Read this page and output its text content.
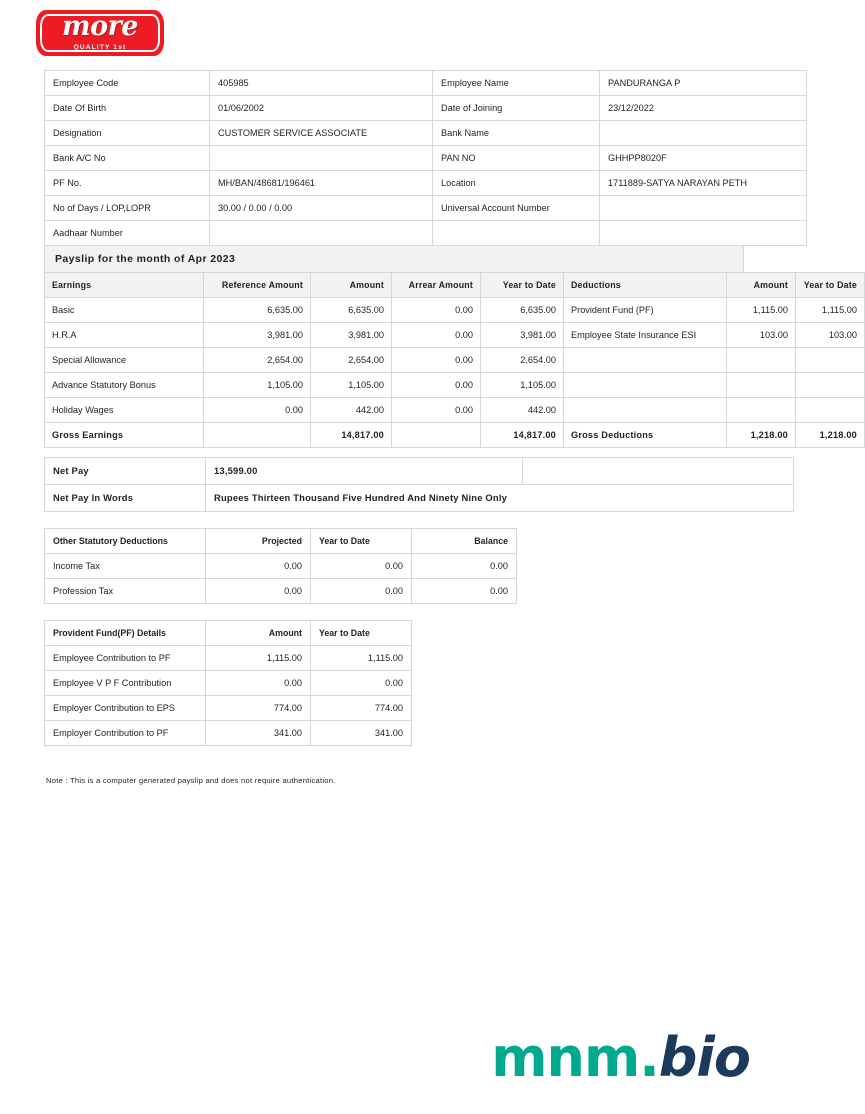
more
QUALITY 1st
Employee Code	405985	Employee Name	PANDURANGA P
Date Of Birth	01/06/2002	Date of Joining	23/12/2022
Designation	CUSTOMER SERVICE ASSOCIATE	Bank Name	
Bank A/C No		PAN NO	GHHPP8020F
PF No.	MH/BAN/48681/196461	Location	1711889-SATYA NARAYAN PETH
No of Days / LOP,LOPR	30.00 / 0.00 / 0.00	Universal Account Number	
Aadhaar Number			
Payslip for the month of Apr 2023
Earnings	Reference Amount	Amount	Arrear Amount	Year to Date	Deductions	Amount	Year to Date
Basic	6,635.00	6,635.00	0.00	6,635.00	Provident Fund (PF)	1,115.00	1,115.00
H.R.A	3,981.00	3,981.00	0.00	3,981.00	Employee State Insurance ESI	103.00	103.00
Special Allowance	2,654.00	2,654.00	0.00	2,654.00			
Advance Statutory Bonus	1,105.00	1,105.00	0.00	1,105.00			
Holiday Wages	0.00	442.00	0.00	442.00			
Gross Earnings		14,817.00		14,817.00	Gross Deductions	1,218.00	1,218.00
Net Pay	13,599.00	
Net Pay In Words	Rupees Thirteen Thousand Five Hundred And Ninety Nine Only	
Other Statutory Deductions	Projected	Year to Date	Balance	
Income Tax	0.00	0.00	0.00	
Profession Tax	0.00	0.00	0.00	
Provident Fund(PF) Details	Amount	Year to Date	
Employee Contribution to PF	1,115.00	1,115.00	
Employee V P F Contribution	0.00	0.00	
Employer Contribution to EPS	774.00	774.00	
Employer Contribution to PF	341.00	341.00	
Note : This is a computer generated payslip and does not require authentication.
mnm.bio
